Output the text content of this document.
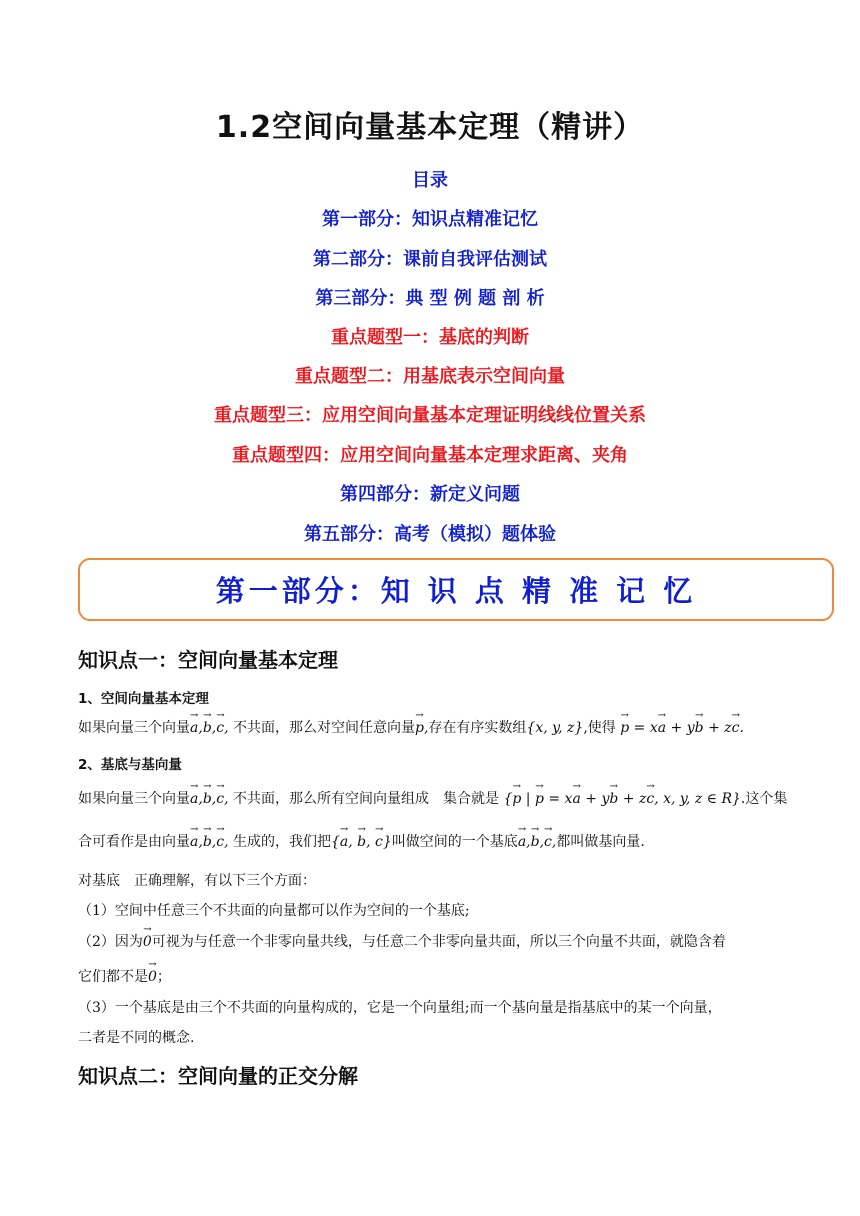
1.2空间向量基本定理（精讲）
目录
第一部分：知识点精准记忆
第二部分：课前自我评估测试
第三部分：典 型 例 题 剖 析
重点题型一：基底的判断
重点题型二：用基底表示空间向量
重点题型三：应用空间向量基本定理证明线线位置关系
重点题型四：应用空间向量基本定理求距离、夹角
第四部分：新定义问题
第五部分：高考（模拟）题体验
第一部分：知 识 点 精 准 记 忆
知识点一：空间向量基本定理
1、空间向量基本定理
如果向量三个向量→ a,→ b,→ c, 不共面，那么对空间任意向量→ p,存在有序实数组{x, y, z},使得 → p = x→ a + y→ b + z→ c.
2、基底与基向量
如果向量三个向量→ a,→ b,→ c, 不共面，那么所有空间向量组成　集合就是 {→ p | → p = x→ a + y→ b + z→ c, x, y, z ∈ R}.这个集
合可看作是由向量→ a,→ b,→ c, 生成的，我们把{→ a, → b, → c}叫做空间的一个基底→ a,→ b,→ c,都叫做基向量.
对基底　正确理解，有以下三个方面：
（1）空间中任意三个不共面的向量都可以作为空间的一个基底;
（2）因为→ 0可视为与任意一个非零向量共线，与任意二个非零向量共面，所以三个向量不共面，就隐含着
它们都不是→ 0；
（3）一个基底是由三个不共面的向量构成的，它是一个向量组;而一个基向量是指基底中的某一个向量，
二者是不同的概念.
知识点二：空间向量的正交分解
